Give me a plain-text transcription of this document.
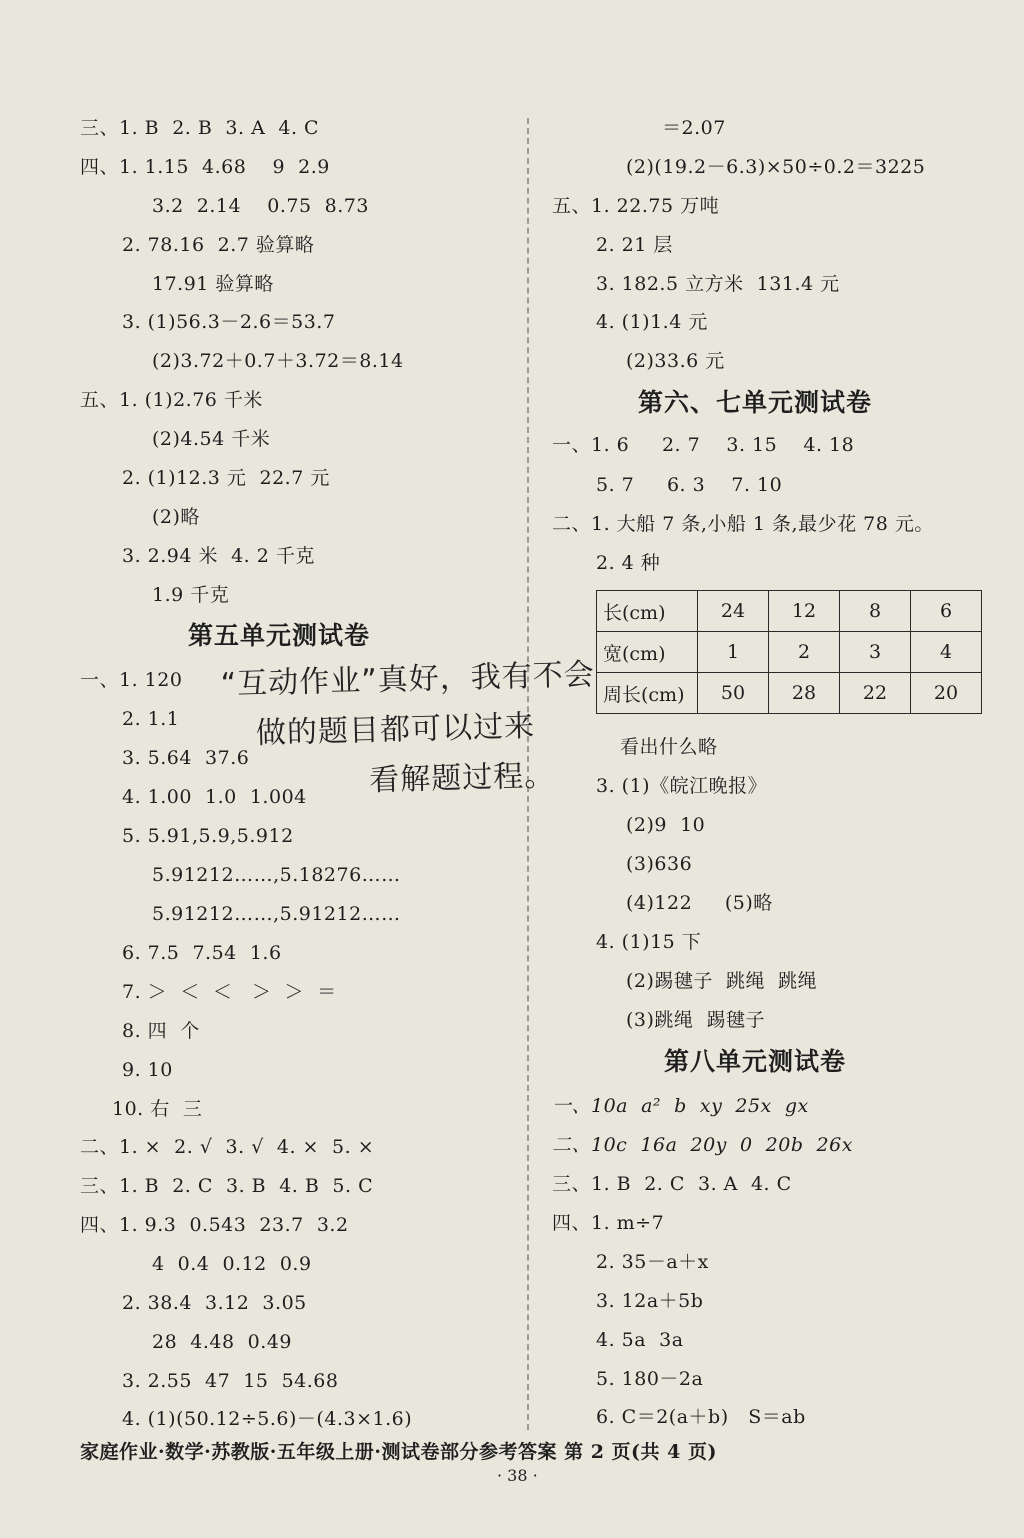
三、1. B  2. B  3. A  4. C
四、1. 1.15  4.68    9  2.9
3.2  2.14    0.75  8.73
2. 78.16  2.7 验算略
17.91 验算略
3. (1)56.3－2.6＝53.7
(2)3.72＋0.7＋3.72＝8.14
五、1. (1)2.76 千米
(2)4.54 千米
2. (1)12.3 元  22.7 元
(2)略
3. 2.94 米  4. 2 千克
1.9 千克
第五单元测试卷
一、1. 120
2. 1.1
3. 5.64  37.6
4. 1.00  1.0  1.004
5. 5.91,5.9,5.912
5.91212……,5.18276……
5.91212……,5.91212……
6. 7.5  7.54  1.6
7. ＞  ＜  ＜   ＞  ＞  ＝
8. 四  个
9. 10
10. 右  三
二、1. ×  2. √  3. √  4. ×  5. ×
三、1. B  2. C  3. B  4. B  5. C
四、1. 9.3  0.543  23.7  3.2
4  0.4  0.12  0.9
2. 38.4  3.12  3.05
28  4.48  0.49
3. 2.55  47  15  54.68
4. (1)(50.12÷5.6)－(4.3×1.6)
“互动作业”真好，我有不会
做的题目都可以过来
看解题过程。
＝2.07
(2)(19.2－6.3)×50÷0.2＝3225
五、1. 22.75 万吨
2. 21 层
3. 182.5 立方米  131.4 元
4. (1)1.4 元
(2)33.6 元
第六、七单元测试卷
一、1. 6     2. 7    3. 15    4. 18
5. 7     6. 3    7. 10
二、1. 大船 7 条,小船 1 条,最少花 78 元。
2. 4 种
长(cm)	24	12	8	6
宽(cm)	1	2	3	4
周长(cm)	50	28	22	20
看出什么略
3. (1)《皖江晚报》
(2)9  10
(3)636
(4)122     (5)略
4. (1)15 下
(2)踢毽子  跳绳  跳绳
(3)跳绳  踢毽子
第八单元测试卷
一、10a  a²  b  xy  25x  gx
二、10c  16a  20y  0  20b  26x
三、1. B  2. C  3. A  4. C
四、1. m÷7
2. 35－a＋x
3. 12a＋5b
4. 5a  3a
5. 180－2a
6. C＝2(a＋b)   S＝ab
家庭作业·数学·苏教版·五年级上册·测试卷部分参考答案 第 2 页(共 4 页)
· 38 ·
